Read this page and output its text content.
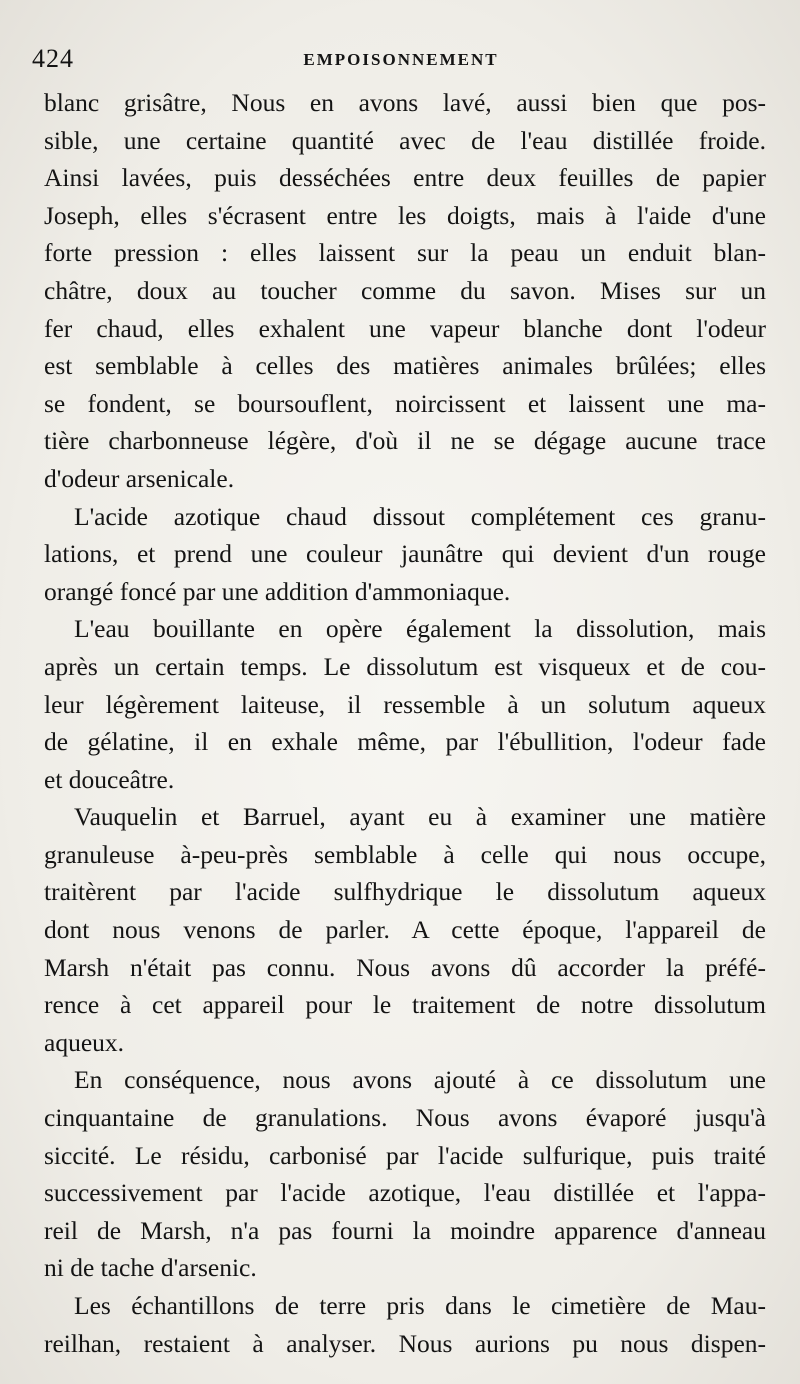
424	EMPOISONNEMENT
blanc grisâtre, Nous en avons lavé, aussi bien que pos-
sible, une certaine quantité avec de l'eau distillée froide.
Ainsi lavées, puis desséchées entre deux feuilles de papier
Joseph, elles s'écrasent entre les doigts, mais à l'aide d'une
forte pression : elles laissent sur la peau un enduit blan-
châtre, doux au toucher comme du savon. Mises sur un
fer chaud, elles exhalent une vapeur blanche dont l'odeur
est semblable à celles des matières animales brûlées; elles
se fondent, se boursouflent, noircissent et laissent une ma-
tière charbonneuse légère, d'où il ne se dégage aucune trace
d'odeur arsenicale.
L'acide azotique chaud dissout complétement ces granu-
lations, et prend une couleur jaunâtre qui devient d'un rouge
orangé foncé par une addition d'ammoniaque.
L'eau bouillante en opère également la dissolution, mais
après un certain temps. Le dissolutum est visqueux et de cou-
leur légèrement laiteuse, il ressemble à un solutum aqueux
de gélatine, il en exhale même, par l'ébullition, l'odeur fade
et douceâtre.
Vauquelin et Barruel, ayant eu à examiner une matière
granuleuse à-peu-près semblable à celle qui nous occupe,
traitèrent par l'acide sulfhydrique le dissolutum aqueux
dont nous venons de parler. A cette époque, l'appareil de
Marsh n'était pas connu. Nous avons dû accorder la préfé-
rence à cet appareil pour le traitement de notre dissolutum
aqueux.
En conséquence, nous avons ajouté à ce dissolutum une
cinquantaine de granulations. Nous avons évaporé jusqu'à
siccité. Le résidu, carbonisé par l'acide sulfurique, puis traité
successivement par l'acide azotique, l'eau distillée et l'appa-
reil de Marsh, n'a pas fourni la moindre apparence d'anneau
ni de tache d'arsenic.
Les échantillons de terre pris dans le cimetière de Mau-
reilhan, restaient à analyser. Nous aurions pu nous dispen-
